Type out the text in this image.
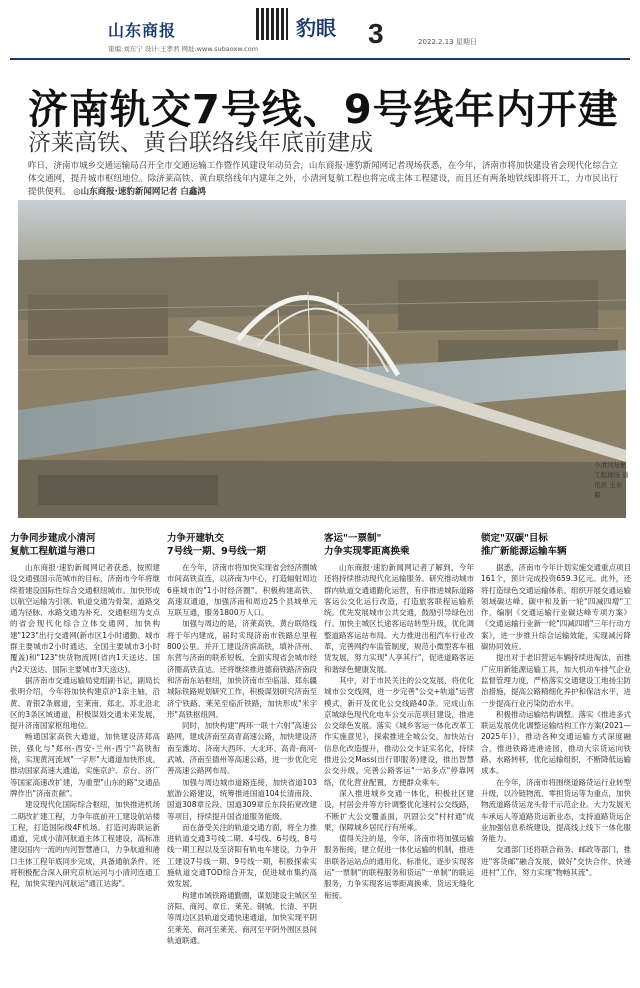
山东商报	豹眼 3	2022.2.13 星期日
策编:刘东宁 设计:王孝君 网址:www.subaoxw.com
济南轨交7号线、9号线年内开建
济莱高铁、黄台联络线年底前建成
昨日，济南市城乡交通运输局召开全市交通运输工作暨作风建设年动员会，山东商报·速豹新闻网记者现场获悉，在今年，济南市将加快建设省会现代化综合立体交通网，提升城市枢纽地位。除济莱高铁、黄台联络线年内建年之外，小清河复航工程也将完成主体工程建设，而且还有两条地铁线即将开工，力市民出行提供便利。 ◎山东商报·速豹新闻网记者 白鑫鸿
小清河复航工程现场 通讯员 王水 摄
力争同步建成小清河
复航工程航道与港口

山东商报·速豹新闻网记者获悉，按照建设交通强国示范城市的目标，济南市今年将继续着建设国际性综合交通枢纽城市。加快形成以航空运输为引领、轨道交通为骨架、道路交通为径脉、水路交通为补充、交通枢纽为支点的省会现代化综合立体交通网，加快构建"123"出行交通网(新市区1小时通勤、城市群主要城市2小时通达、全国主要城市3小时覆盖)和"123"快货物流网(省内1天送达、国内2天送达、国际主要城市3天送达)。

据济南市交通运输局党组副书记，副局长张明介绍，今年将加快构建京沪1亲主轴，沿黄、青银2条廊道，至莱南、郑北、苏北沿北区的3条区域通道，积极谋划交通未来发展，提升济南国家枢纽地位。

畅通国家高铁大通道，加快建设济郑高铁，强化与"郑州-西安-兰州-西宁"高铁衔接，实现黄河流域"一字形"大通道加快形成。推动国家高速大通道，实施京沪、京台、济广等国家高速改扩建，为重塑"山东的路"交通品牌作出"济南贡献"。

建设现代化国际综合枢纽，加快推进机场二期改扩建工程，力争年底前开工建设航站楼工程，打造国际级4F机场。打造河海联运新通道，完成小清河航道主体工程建设，高标准建设国内一流的内河智慧港口，力争航道和港口主体工程年底同步完成，具备通航条件。还将积极配合深入研究京杭运河与小清河连通工程，加快实现内河航运"通江达海"。

力争开建轨交
7号线一期、9号线一期

在今年，济南市将加快实现省会经济圈城市间高铁直连，以济南为中心，打造辐射周边6座城市的"1小时经济圈"。积极构建高铁、高速双通道，加强济南和周边25个县城单元互联互通，服务1800万人口。

加强与周边的是，济莱高铁、黄台联络线将于年内建成，届时实现济南市铁路总里程800公里。并开工建设济滨高铁，填补济州、东营与济南的联系短板，全面实现省会城市经济圈高铁直达。还将继续推进德商铁路济南段和济南东站枢纽，加快济南市至临淄、郑东疆城际铁路规划研究工作，积极谋划研究济南至济宁铁路、莱芜至临沂铁路，加快形成"米字形"高铁枢纽网。

同时，加快构建"两环一联十六射"高速公路网，建成济南至高青高速公路，加快建设济南至潍坊、济南大西环、大北环、高青-商河-武城、济南至德州等高速公路，进一步优化完善高速公路网布局。

加强与周边城市道路连接，加快省道103旅游公路建设，统筹推进国道104长清南段、国道308章丘段、国道309章丘东段拓宽改建等项目，持续提升国省道服务能级。

而在备受关注的轨道交通方面，将全力推进轨道交通3号线二期、4号线、6号线、8号线一期工程以及至济阳有轨电车建设，力争开工建设7号线一期、9号线一期，积极探索实施轨道交通TOD综合开发，促进城市集约高效发展。

构建市域铁路通勤圈，谋划建设主城区至济阳、商河、章丘、莱芜、钢城、长清、平阴等周边区县轨道交通快速通道，加快实现平阴至莱芜、商河至莱芜、商河至平阴外围区县间轨道联通。

客运"一票制"
力争实现零距离换乘

山东商报·速豹新闻网记者了解到，今年还将持续推动现代化运输服务。研究推动城市群内轨道交通通勤化运营，有序推进城际道路客运公交化运行改造，打造旅客联程运输系统。优先发展城市公共交通，鼓励引导绿色出行。加快主城区长途客运站转型升级，优化调整道路客运站布局。大力推进出租汽车行业改革，完善网约车监管制度，规范小微型客车租赁发展，努力实现"人享其行"，促进道路客运和谐绿色健康发展。

其中，对于市民关注的公交发展，将优化城市公交线网，进一步完善"公交+轨道"运营模式，新开及优化公交线路40条。完成山东京城绿色现代化电车公交示范项目建设，推进公交绿色发展。落实《城乡客运一体化改革工作实施意见》，探索推进全城公交。加快站台信息化改造提升，推动公交卡证实名化，持续推进公交Mass(出行即服务)建设，推出智慧公交升级。完善公路客运"一站多点"停靠网络，优化营业配置，方便群众乘车。

深入推进城乡交通一体化，积极社区建设，村居会并等方针调整优化速村公交线路，不断扩大公交覆盖面，巩固公交"村村通"成果，保障城乡居民行有所乘。

值得关注的是，今年，济南市将加强运输服务衔接，建立促进一体化运输的机制，推进串联各运站点的通用化、标准化，逐步实现客运"一票制"的联程服务和货运"一单制"的联运服务，力争实现客运零距离换乘、货运无缝化衔接。

锁定"双碳"目标
推广新能源运输车辆

据悉，济南市今年计划实施交通重点项目161个，预计完成投资659.3亿元。此外，还将打造绿色交通运输体系。组织开展交通运输领域碳达峰、碳中和及新一轮"四减四增"工作，编制《交通运输行业碳达峰专项方案》《交通运输行业新一轮"四减四增"三年行动方案》，进一步推升综合运输效能，实现减污降碳协同效应。

提出对于老旧营运车辆持续进淘汰，而推广应用新能源运输工具，加大机动车排气企业监督管理力度，严格落实交通建设工地扬尘防治措施，提高公路精细化养护和保洁水平，进一步提高行业污染防治水平。

积极推动运输结构调整。落实《推进多式联运发展优化调整运输结构工作方案(2021—2025年)》，推动各种交通运输方式深度融合，推进铁路进港进园，推动大宗货运向铁路、水路转移，优化运输组织，不断降低运输成本。

在今年，济南市将围绕道路货运行业转型升级，以冷链物流、零担货运等为重点，加快物流道路货运龙头骨干示范企业。大力发展无车承运人等道路货运新业态，支持道路货运企业加强信息系统建设，提高线上线下一体化服务能力。

交通部门还将联合商务、邮政等部门，推进"客货邮"融合发展，做好"交快合作、快递进村"工作，努力实现"物畅其流"。
